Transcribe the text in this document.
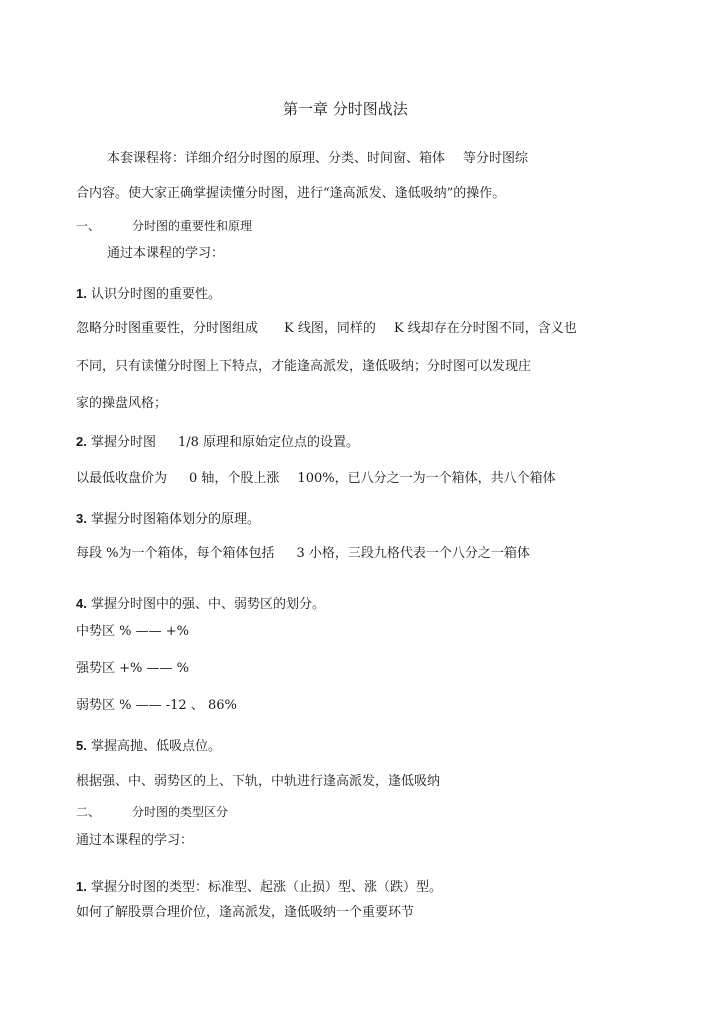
第一章 分时图战法

本套课程将：详细介绍分时图的原理、分类、时间窗、箱体 等分时图综

合内容。使大家正确掌握读懂分时图，进行“逢高派发、逢低吸纳”的操作。

一、	分时图的重要性和原理

通过本课程的学习：

1. 认识分时图的重要性。

忽略分时图重要性，分时图组成 K 线图，同样的 K 线却存在分时图不同，含义也

不同，只有读懂分时图上下特点，才能逢高派发，逢低吸纳；分时图可以发现庄

家的操盘风格；

2. 掌握分时图 1/8 原理和原始定位点的设置。

以最低收盘价为 0 轴，个股上涨 100%，已八分之一为一个箱体，共八个箱体

3. 掌握分时图箱体划分的原理。

每段 %为一个箱体，每个箱体包括 3 小格，三段九格代表一个八分之一箱体

4. 掌握分时图中的强、中、弱势区的划分。

中势区 % —— +%

强势区 +% —— %

弱势区 % —— -12 、 86%

5. 掌握高抛、低吸点位。

根据强、中、弱势区的上、下轨，中轨进行逢高派发，逢低吸纳

二、	分时图的类型区分

通过本课程的学习：

1. 掌握分时图的类型：标准型、起涨（止损）型、涨（跌）型。

如何了解股票合理价位，逢高派发，逢低吸纳一个重要环节
